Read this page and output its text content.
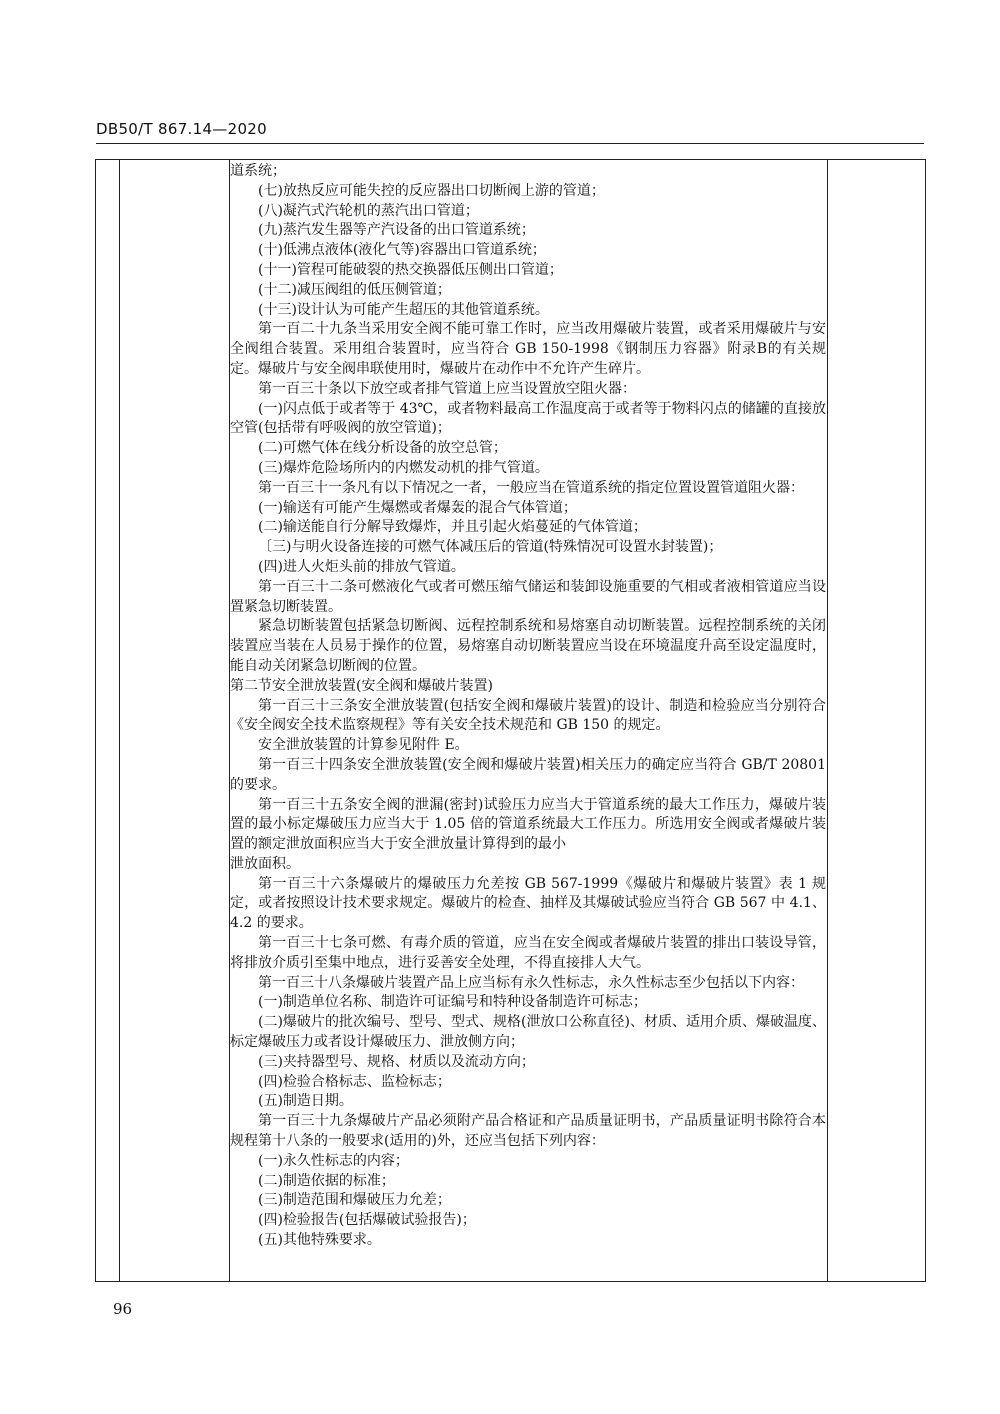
DB50/T 867.14—2020

道系统；

(七)放热反应可能失控的反应器出口切断阀上游的管道；

(八)凝汽式汽轮机的蒸汽出口管道；

(九)蒸汽发生器等产汽设备的出口管道系统；

(十)低沸点液体(液化气等)容器出口管道系统；

(十一)管程可能破裂的热交换器低压侧出口管道；

(十二)减压阀组的低压侧管道；

(十三)设计认为可能产生超压的其他管道系统。

第一百二十九条当采用安全阀不能可靠工作时，应当改用爆破片装置，或者采用爆破片与安全阀组合装置。采用组合装置时，应当符合 GB 150-1998《钢制压力容器》附录B的有关规定。爆破片与安全阀串联使用时，爆破片在动作中不允许产生碎片。

第一百三十条以下放空或者排气管道上应当设置放空阻火器：

(一)闪点低于或者等于 43℃，或者物料最高工作温度高于或者等于物料闪点的储罐的直接放空管(包括带有呼吸阀的放空管道)；

(二)可燃气体在线分析设备的放空总管；

(三)爆炸危险场所内的内燃发动机的排气管道。

第一百三十一条凡有以下情况之一者，一般应当在管道系统的指定位置设置管道阻火器：

(一)输送有可能产生爆燃或者爆轰的混合气体管道；

(二)输送能自行分解导致爆炸，并且引起火焰蔓延的气体管道；

〔三)与明火设备连接的可燃气体减压后的管道(特殊情况可设置水封装置)；

(四)进人火炬头前的排放气管道。

第一百三十二条可燃液化气或者可燃压缩气储运和装卸设施重要的气相或者液相管道应当设置紧急切断装置。

紧急切断装置包括紧急切断阀、远程控制系统和易熔塞自动切断装置。远程控制系统的关闭装置应当装在人员易于操作的位置，易熔塞自动切断装置应当设在环境温度升高至设定温度时，能自动关闭紧急切断阀的位置。

第二节安全泄放装置(安全阀和爆破片装置)

第一百三十三条安全泄放装置(包括安全阀和爆破片装置)的设计、制造和检验应当分别符合《安全阀安全技术监察规程》等有关安全技术规范和 GB 150 的规定。

安全泄放装置的计算参见附件 E。

第一百三十四条安全泄放装置(安全阀和爆破片装置)相关压力的确定应当符合 GB/T 20801 的要求。

第一百三十五条安全阀的泄漏(密封)试验压力应当大于管道系统的最大工作压力，爆破片装置的最小标定爆破压力应当大于 1.05 倍的管道系统最大工作压力。所选用安全阀或者爆破片装置的额定泄放面积应当大于安全泄放量计算得到的最小

泄放面积。

第一百三十六条爆破片的爆破压力允差按 GB 567-1999《爆破片和爆破片装置》表 1 规定，或者按照设计技术要求规定。爆破片的检查、抽样及其爆破试验应当符合 GB 567 中 4.1、4.2 的要求。

第一百三十七条可燃、有毒介质的管道，应当在安全阀或者爆破片装置的排出口装设导管，将排放介质引至集中地点，进行妥善安全处理，不得直接排人大气。

第一百三十八条爆破片装置产品上应当标有永久性标志，永久性标志至少包括以下内容：

(一)制造单位名称、制造许可证编号和特种设备制造许可标志；

(二)爆破片的批次编号、型号、型式、规格(泄放口公称直径)、材质、适用介质、爆破温度、标定爆破压力或者设计爆破压力、泄放侧方向；

(三)夹持器型号、规格、材质以及流动方向；

(四)检验合格标志、监检标志；

(五)制造日期。

第一百三十九条爆破片产品必须附产品合格证和产品质量证明书，产品质量证明书除符合本规程第十八条的一般要求(适用的)外，还应当包括下列内容：

(一)永久性标志的内容；

(二)制造依据的标准；

(三)制造范围和爆破压力允差；

(四)检验报告(包括爆破试验报告)；

(五)其他特殊要求。

96
